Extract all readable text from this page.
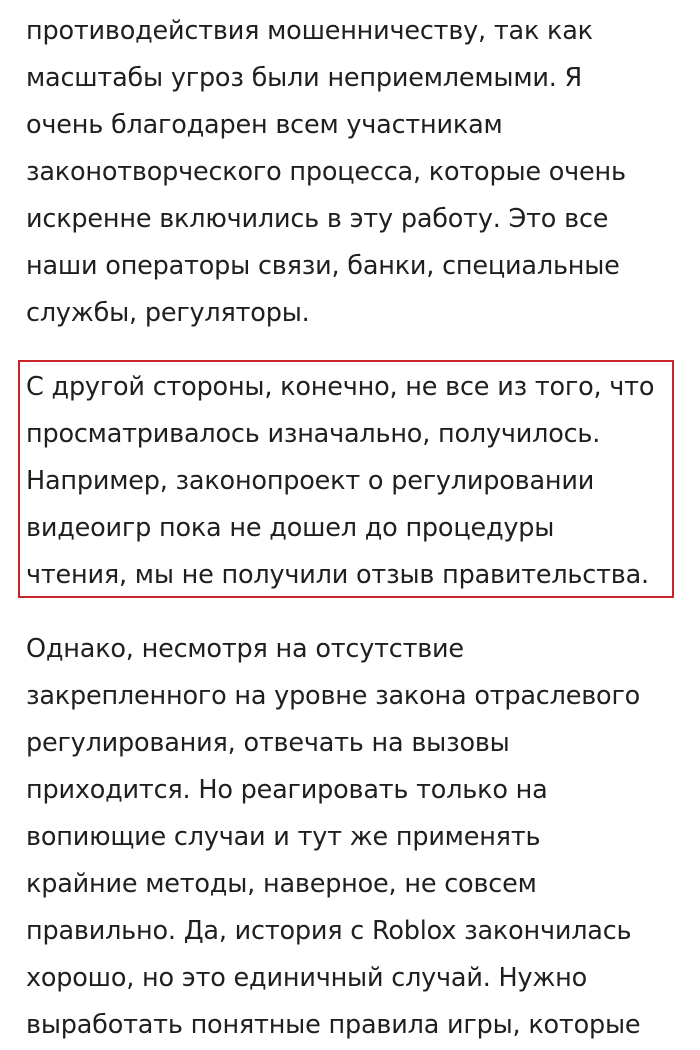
противодействия мошенничеству, так как
масштабы угроз были неприемлемыми. Я
очень благодарен всем участникам
законотворческого процесса, которые очень
искренне включились в эту работу. Это все
наши операторы связи, банки, специальные
службы, регуляторы.
С другой стороны, конечно, не все из того, что
просматривалось изначально, получилось.
Например, законопроект о регулировании
видеоигр пока не дошел до процедуры
чтения, мы не получили отзыв правительства.
Однако, несмотря на отсутствие
закрепленного на уровне закона отраслевого
регулирования, отвечать на вызовы
приходится. Но реагировать только на
вопиющие случаи и тут же применять
крайние методы, наверное, не совсем
правильно. Да, история с Roblox закончилась
хорошо, но это единичный случай. Нужно
выработать понятные правила игры, которые
